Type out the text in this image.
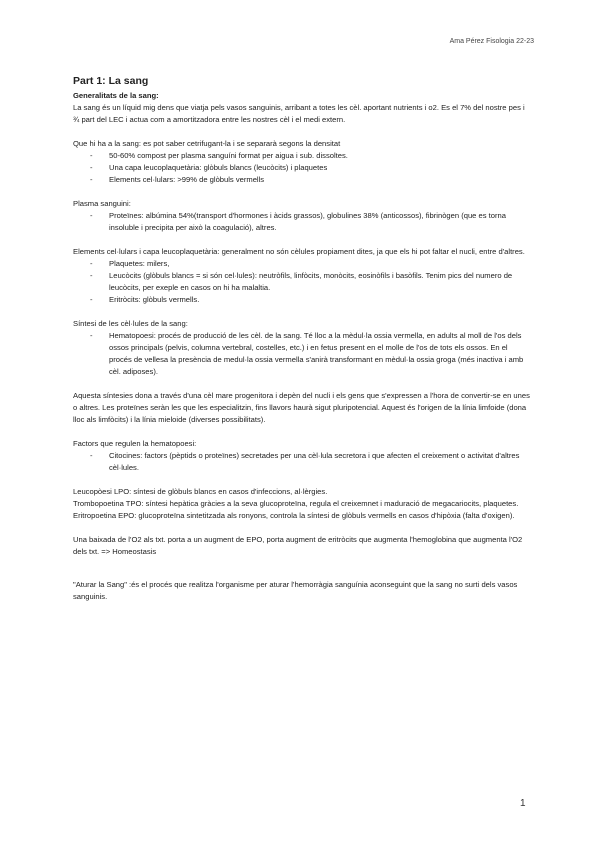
Ama Pérez Fisologia 22-23

Part 1: La sang

Generalitats de la sang:

La sang és un líquid mig dens que viatja pels vasos sanguinis, arribant a totes les cèl. aportant nutrients i o2. Es el 7% del nostre pes i ¾ part del LEC i actua com a amortitzadora entre les nostres cèl i el medi extern.

Que hi ha a la sang: es pot saber cetrifugant-la i se separarà segons la densitat

- 50-60% compost per plasma sanguíni format per aigua i sub. dissoltes.
- Una capa leucoplaquetària: glòbuls blancs (leucòcits) i plaquetes
- Elements cel·lulars: >99% de glòbuls vermells

Plasma sanguini:

- Proteïnes: albúmina 54%(transport d'hormones i àcids grassos), globulines 38% (anticossos), fibrinògen (que es torna insoluble i precipita per això la coagulació), altres.

Elements cel·lulars i capa leucoplaquetària: generalment no són cèlules propiament dites, ja que els hi pot faltar el nucli, entre d'altres.

- Plaquetes: milers,
- Leucòcits (glòbuls blancs = si són cel·lules): neutròfils, linfòcits, monòcits, eosinòfils i basòfils. Tenim pics del numero de leucòcits, per exeple en casos on hi ha malaltia.
- Eritròcits: glòbuls vermells.

Síntesi de les cèl·lules de la sang:

- Hematopoesi: procés de producció de les cèl. de la sang. Té lloc a la mèdul·la ossia vermella, en adults al moll de l'os dels ossos principals (pelvis, columna vertebral, costelles, etc.) i en fetus present en el molle de l'os de tots els ossos. En el procés de vellesa la presència de medul·la ossia vermella s'anirà transformant en mèdul·la ossia groga (més inactiva i amb cèl. adiposes).

Aquesta síntesies dona a través d'una cèl mare progenitora i depèn del nucli i els gens que s'expressen a l'hora de convertir-se en unes o altres. Les proteïnes seràn les que les especialitzin, fins llavors haurà sigut pluripotencial. Aquest és l'origen de la línia limfoide (dona lloc als limfòcits) i la línia mieloide (diverses possibilitats).

Factors que regulen la hematopoesi:

- Citocines: factors (pèptids o proteïnes) secretades per una cèl·lula secretora i que afecten el creixement o activitat d'altres cèl·lules.

Leucopòesi LPO: síntesi de glòbuls blancs en casos d'infeccions, al·lèrgies.

Trombopoetina TPO: síntesi hepàtica gràcies a la seva glucoproteïna, regula el creixemnet i maduració de megacariocits, plaquetes.

Eritropoetina EPO: glucoproteïna sintetitzada als ronyons, controla la síntesi de glòbuls vermells en casos d'hipòxia (falta d'oxigen).

Una baixada de l'O2 als txt. porta a un augment de EPO, porta augment de eritròcits que augmenta l'hemoglobina que augmenta l'O2 dels txt. => Homeostasis

"Aturar la Sang" :és el procés que realitza l'organisme per aturar l'hemorràgia sanguínia aconseguint que la sang no surti dels vasos sanguinis.

1
